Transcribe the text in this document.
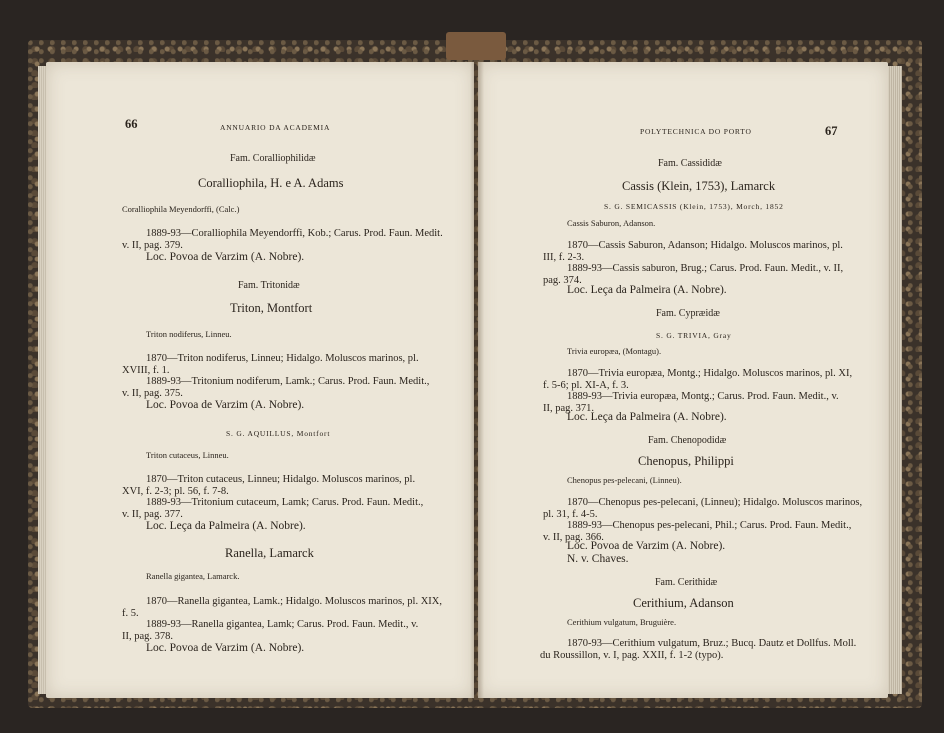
66	ANNUARIO DA ACADEMIA	POLYTECHNICA DO PORTO	67
Fam. Coralliophilidæ
Coralliophila, H. e A. Adams
Coralliophila Meyendorffi, (Calc.)
1889-93—Coralliophila Meyendorffi, Kob.; Carus. Prod. Faun. Medit.
v. II, pag. 379.
Loc. Povoa de Varzim (A. Nobre).
Fam. Tritonidæ
Triton, Montfort
Triton nodiferus, Linneu.
1870—Triton nodiferus, Linneu; Hidalgo. Moluscos marinos, pl.
XVIII, f. 1.
1889-93—Tritonium nodiferum, Lamk.; Carus. Prod. Faun. Medit.,
v. II, pag. 375.
Loc. Povoa de Varzim (A. Nobre).
S. G. AQUILLUS, Montfort
Triton cutaceus, Linneu.
1870—Triton cutaceus, Linneu; Hidalgo. Moluscos marinos, pl.
XVI, f. 2-3; pl. 56, f. 7-8.
1889-93—Tritonium cutaceum, Lamk; Carus. Prod. Faun. Medit.,
v. II, pag. 377.
Loc. Leça da Palmeira (A. Nobre).
Ranella, Lamarck
Ranella gigantea, Lamarck.
1870—Ranella gigantea, Lamk.; Hidalgo. Moluscos marinos, pl. XIX,
f. 5.
1889-93—Ranella gigantea, Lamk; Carus. Prod. Faun. Medit., v.
II, pag. 378.
Loc. Povoa de Varzim (A. Nobre).
Fam. Cassididæ
Cassis (Klein, 1753), Lamarck
S. G. SEMICASSIS (Klein, 1753), Morch, 1852
Cassis Saburon, Adanson.
1870—Cassis Saburon, Adanson; Hidalgo. Moluscos marinos, pl.
III, f. 2-3.
1889-93—Cassis saburon, Brug.; Carus. Prod. Faun. Medit., v. II,
pag. 374.
Loc. Leça da Palmeira (A. Nobre).
Fam. Cypræidæ
S. G. TRIVIA, Gray
Trivia europæa, (Montagu).
1870—Trivia europæa, Montg.; Hidalgo. Moluscos marinos, pl. XI,
f. 5-6; pl. XI-A, f. 3.
1889-93—Trivia europæa, Montg.; Carus. Prod. Faun. Medit., v.
II, pag. 371.
Loc. Leça da Palmeira (A. Nobre).
Fam. Chenopodidæ
Chenopus, Philippi
Chenopus pes-pelecani, (Linneu).
1870—Chenopus pes-pelecani, (Linneu); Hidalgo. Moluscos marinos,
pl. 31, f. 4-5.
1889-93—Chenopus pes-pelecani, Phil.; Carus. Prod. Faun. Medit.,
v. II, pag. 366.
Loc. Povoa de Varzim (A. Nobre).
N. v. Chaves.
Fam. Cerithidæ
Cerithium, Adanson
Cerithium vulgatum, Bruguière.
1870-93—Cerithium vulgatum, Bruz.; Bucq. Dautz et Dollfus. Moll.
du Roussillon, v. I, pag. XXII, f. 1-2 (typo).
